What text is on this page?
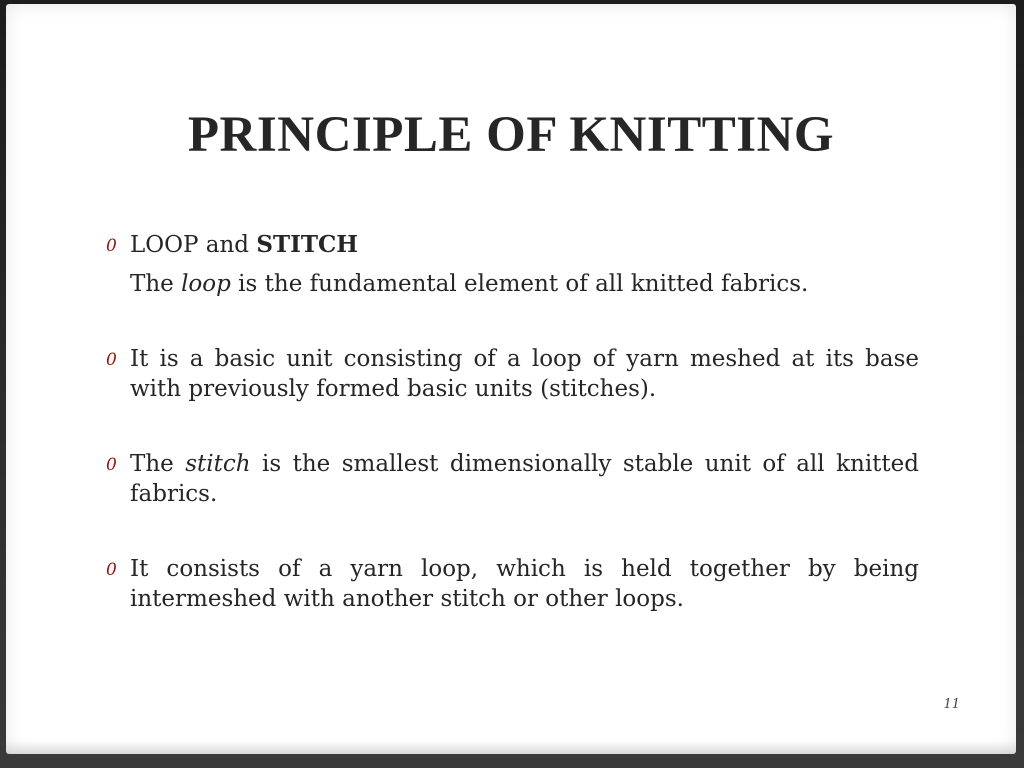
PRINCIPLE OF KNITTING
0 LOOP and STITCH
The loop is the fundamental element of all knitted fabrics.
0 It is a basic unit consisting of a loop of yarn meshed at its base with previously formed basic units (stitches).
0 The stitch is the smallest dimensionally stable unit of all knitted fabrics.
0 It consists of a yarn loop, which is held together by being intermeshed with another stitch or other loops.
11
